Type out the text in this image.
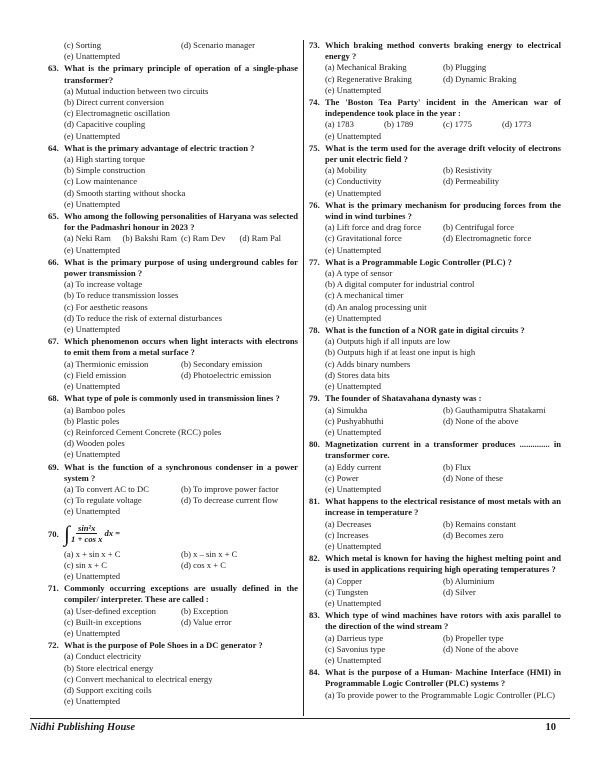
(c) Sorting	(d) Scenario manager
(e) Unattempted
63. What is the primary principle of operation of a single-phase transformer?
(a) Mutual induction between two circuits
(b) Direct current conversion
(c) Electromagnetic oscillation
(d) Capacitive coupling
(e) Unattempted
64. What is the primary advantage of electric traction ?
(a) High starting torque
(b) Simple construction
(c) Low maintenance
(d) Smooth starting without shocka
(e) Unattempted
65. Who among the following personalities of Haryana was selected for the Padmashri honour in 2023 ?
(a) Neki Ram	(b) Bakshi Ram (c) Ram Dev	(d) Ram Pal
(e) Unattempted
66. What is the primary purpose of using underground cables for power transmission ?
(a) To increase voltage
(b) To reduce transmission losses
(c) For aesthetic reasons
(d) To reduce the risk of external disturbances
(e) Unattempted
67. Which phenomenon occurs when light interacts with electrons to emit them from a metal surface ?
(a) Thermionic emission	(b) Secondary emission
(c) Field emission	(d) Photoelectric emission
(e) Unattempted
68. What type of pole is commonly used in transmission lines ?
(a) Bamboo poles
(b) Plastic poles
(c) Reinforced Cement Concrete (RCC) poles
(d) Wooden poles
(e) Unattempted
69. What is the function of a synchronous condenser in a power system ?
(a) To convert AC to DC	(b) To improve power factor
(c) To regulate voltage	(d) To decrease current flow
(e) Unattempted
70. ∫ $\frac{\text{sin²x}}{\text{1 + cos x}}$ dx =
(a) x + sin x + C	(b) x – sin x + C
(c) sin x + C	(d) cos x + C
(e) Unattempted
71. Commonly occurring exceptions are usually defined in the compiler/ interpreter. These are called :
(a) User-defined exception	(b) Exception
(c) Built-in exceptions	(d) Value error
(e) Unattempted
72. What is the purpose of Pole Shoes in a DC generator ?
(a) Conduct electricity
(b) Store electrical energy
(c) Convert mechanical to electrical energy
(d) Support exciting coils
(e) Unattempted
73. Which braking method converts braking energy to electrical energy ?
(a) Mechanical Braking	(b) Plugging
(c) Regenerative Braking	(d) Dynamic Braking
(e) Unattempted
74. The 'Boston Tea Party' incident in the American war of independence took place in the year :
(a) 1783	(b) 1789	(c) 1775	(d) 1773
(e) Unattempted
75. What is the term used for the average drift velocity of electrons per unit electric field ?
(a) Mobility	(b) Resistivity
(c) Conductivity	(d) Permeability
(e) Unattempted
76. What is the primary mechanism for producing forces from the wind in wind turbines ?
(a) Lift force and drag force	(b) Centrifugal force
(c) Gravitational force	(d) Electromagnetic force
(e) Unattempted
77. What is a Programmable Logic Controller (PLC) ?
(a) A type of sensor
(b) A digital computer for industrial control
(c) A mechanical timer
(d) An analog processing unit
(e) Unattempted
78. What is the function of a NOR gate in digital circuits ?
(a) Outputs high if all inputs are low
(b) Outputs high if at least one input is high
(c) Adds binary numbers
(d) Stores data bits
(e) Unattempted
79. The founder of Shatavahana dynasty was :
(a) Simukha	(b) Gauthamiputra Shatakarni
(c) Pushyabhuthi	(d) None of the above
(e) Unattempted
80. Magnetization current in a transformer produces .............. in transformer core.
(a) Eddy current	(b) Flux
(c) Power	(d) None of these
(e) Unattempted
81. What happens to the electrical resistance of most metals with an increase in temperature ?
(a) Decreases	(b) Remains constant
(c) Increases	(d) Becomes zero
(e) Unattempted
82. Which metal is known for having the highest melting point and is used in applications requiring high operating temperatures ?
(a) Copper	(b) Aluminium
(c) Tungsten	(d) Silver
(e) Unattempted
83. Which type of wind machines have rotors with axis parallel to the direction of the wind stream ?
(a) Darrieus type	(b) Propeller type
(c) Savonius type	(d) None of the above
(e) Unattempted
84. What is the purpose of a Human- Machine Interface (HMI) in Programmable Logic Controller (PLC) systems ?
(a) To provide power to the Programmable Logic Controller (PLC)
Nidhi Publishing House	10
